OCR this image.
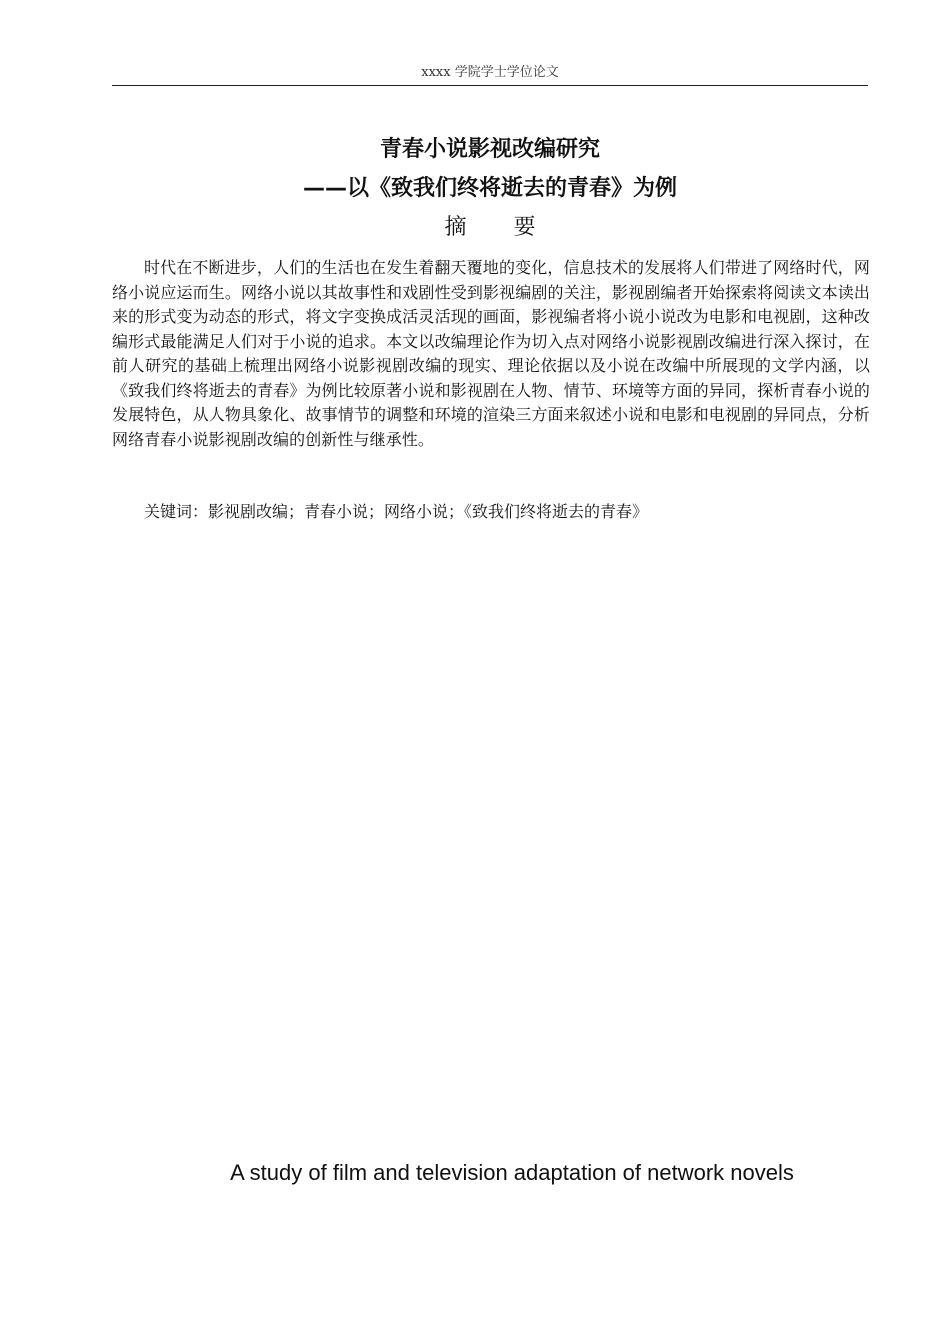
xxxx 学院学士学位论文
青春小说影视改编研究
——以《致我们终将逝去的青春》为例
摘 要

时代在不断进步，人们的生活也在发生着翻天覆地的变化，信息技术的发展将人们带进了网络时代，网络小说应运而生。网络小说以其故事性和戏剧性受到影视编剧的关注，影视剧编者开始探索将阅读文本读出来的形式变为动态的形式，将文字变换成活灵活现的画面，影视编者将小说小说改为电影和电视剧，这种改编形式最能满足人们对于小说的追求。本文以改编理论作为切入点对网络小说影视剧改编进行深入探讨，在前人研究的基础上梳理出网络小说影视剧改编的现实、理论依据以及小说在改编中所展现的文学内涵，以《致我们终将逝去的青春》为例比较原著小说和影视剧在人物、情节、环境等方面的异同，探析青春小说的发展特色，从人物具象化、故事情节的调整和环境的渲染三方面来叙述小说和电影和电视剧的异同点，分析网络青春小说影视剧改编的创新性与继承性。

关键词：影视剧改编；青春小说；网络小说；《致我们终将逝去的青春》
A study of film and television adaptation of network novels
